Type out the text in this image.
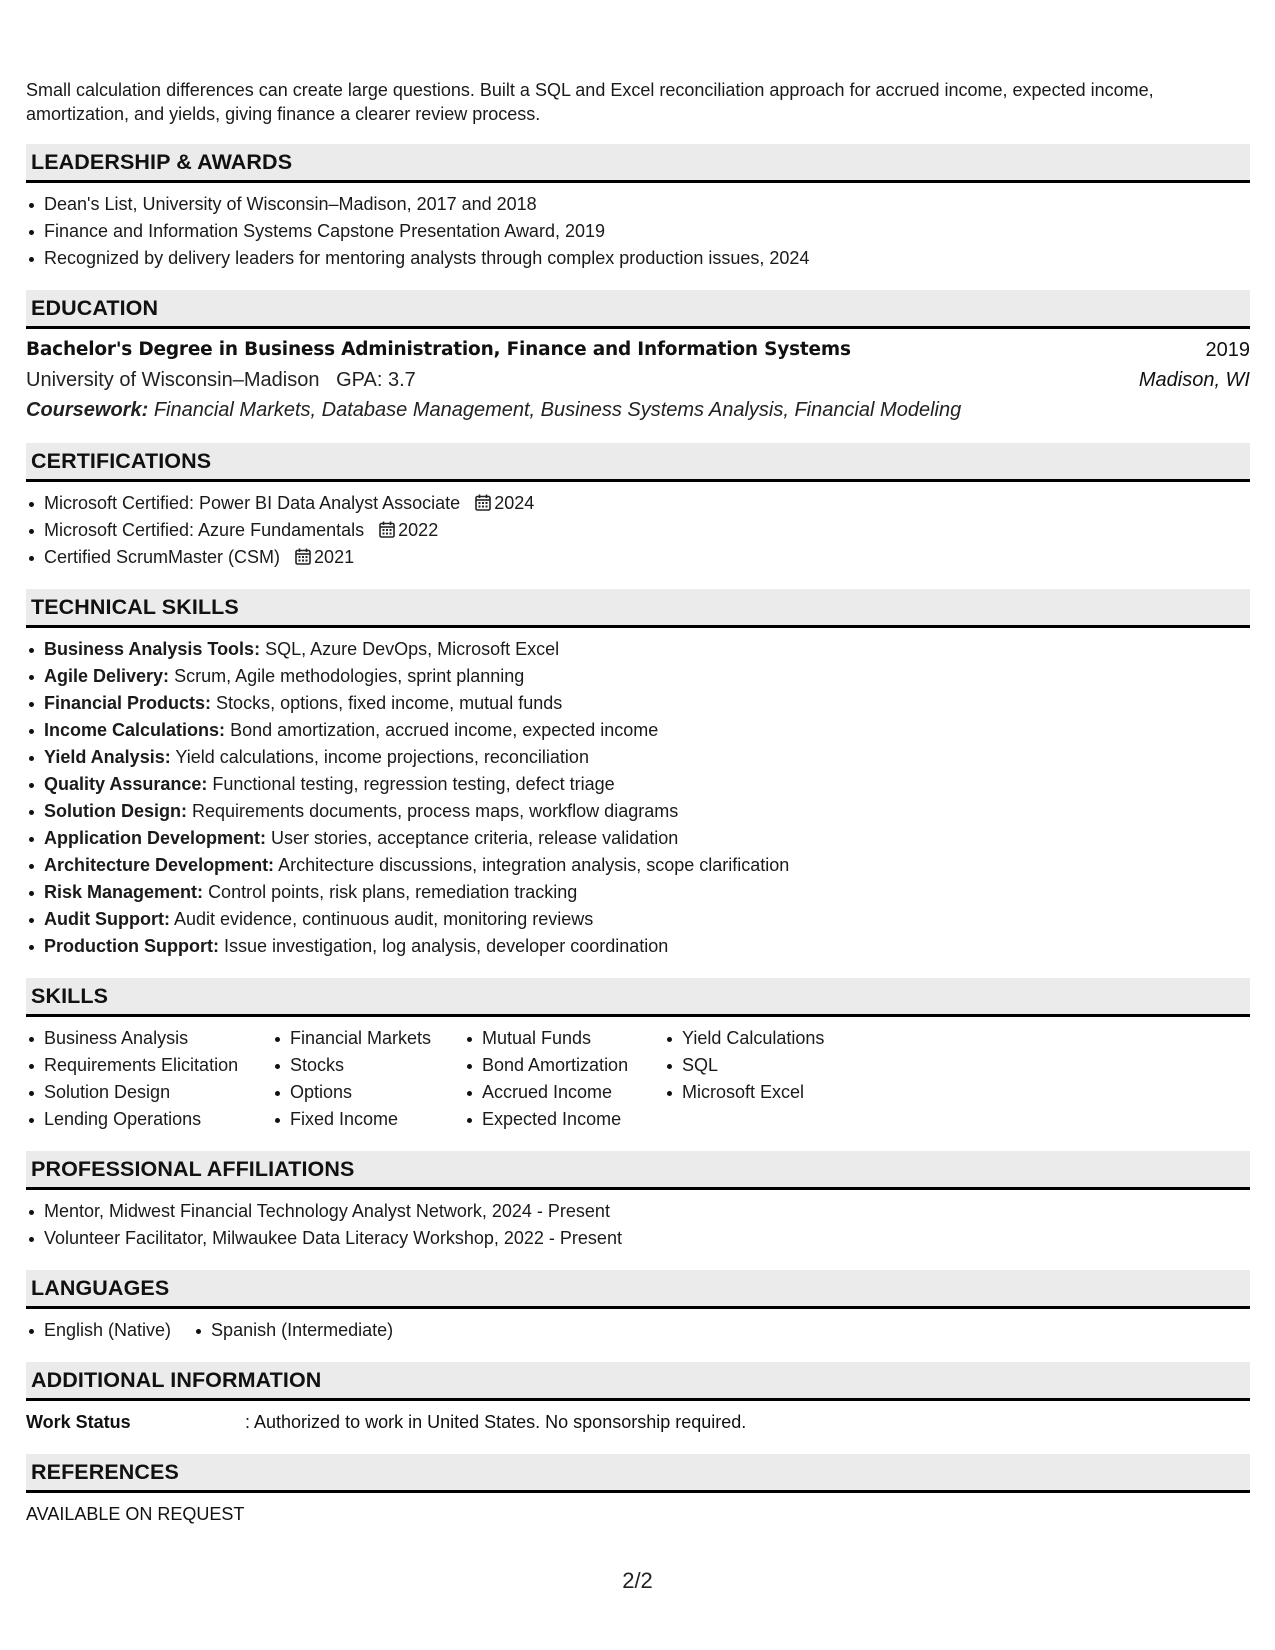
Small calculation differences can create large questions. Built a SQL and Excel reconciliation approach for accrued income, expected income, amortization, and yields, giving finance a clearer review process.

LEADERSHIP & AWARDS
Dean's List, University of Wisconsin–Madison, 2017 and 2018
Finance and Information Systems Capstone Presentation Award, 2019
Recognized by delivery leaders for mentoring analysts through complex production issues, 2024
EDUCATION
Bachelor's Degree in Business Administration, Finance and Information Systems	2019
University of Wisconsin–Madison GPA: 3.7	Madison, WI
Coursework: Financial Markets, Database Management, Business Systems Analysis, Financial Modeling
CERTIFICATIONS
Microsoft Certified: Power BI Data Analyst Associate 2024
Microsoft Certified: Azure Fundamentals 2022
Certified ScrumMaster (CSM) 2021
TECHNICAL SKILLS
Business Analysis Tools: SQL, Azure DevOps, Microsoft Excel
Agile Delivery: Scrum, Agile methodologies, sprint planning
Financial Products: Stocks, options, fixed income, mutual funds
Income Calculations: Bond amortization, accrued income, expected income
Yield Analysis: Yield calculations, income projections, reconciliation
Quality Assurance: Functional testing, regression testing, defect triage
Solution Design: Requirements documents, process maps, workflow diagrams
Application Development: User stories, acceptance criteria, release validation
Architecture Development: Architecture discussions, integration analysis, scope clarification
Risk Management: Control points, risk plans, remediation tracking
Audit Support: Audit evidence, continuous audit, monitoring reviews
Production Support: Issue investigation, log analysis, developer coordination
SKILLS
Business Analysis
Requirements Elicitation
Solution Design
Lending Operations
Financial Markets
Stocks
Options
Fixed Income
Mutual Funds
Bond Amortization
Accrued Income
Expected Income
Yield Calculations
SQL
Microsoft Excel
PROFESSIONAL AFFILIATIONS
Mentor, Midwest Financial Technology Analyst Network, 2024 - Present
Volunteer Facilitator, Milwaukee Data Literacy Workshop, 2022 - Present
LANGUAGES
English (Native)	Spanish (Intermediate)
ADDITIONAL INFORMATION
Work Status	: Authorized to work in United States. No sponsorship required.
REFERENCES
AVAILABLE ON REQUEST
2/2
